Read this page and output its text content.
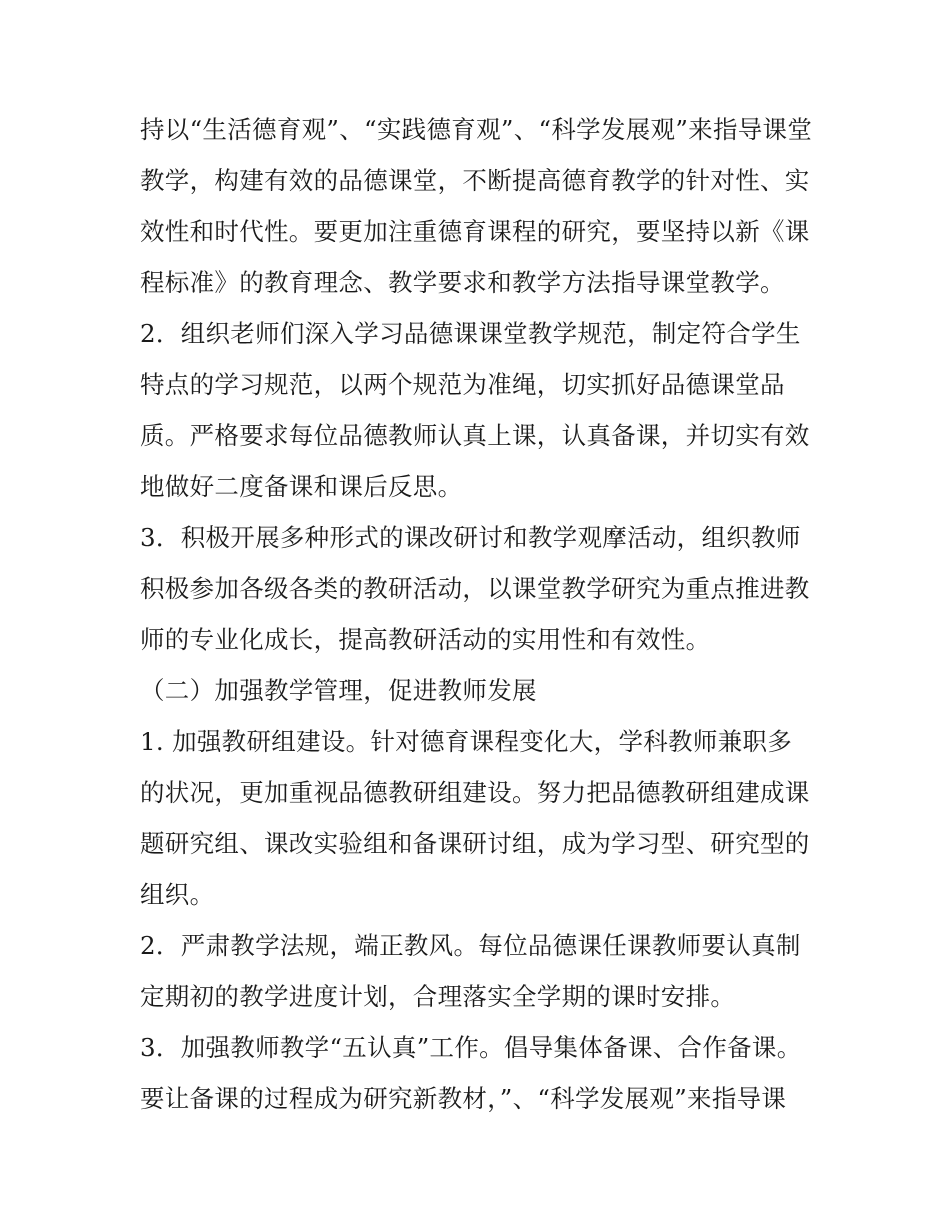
持以“生活德育观”、“实践德育观”、“科学发展观”来指导课堂
教学，构建有效的品德课堂，不断提高德育教学的针对性、实
效性和时代性。要更加注重德育课程的研究，要坚持以新《课
程标准》的教育理念、教学要求和教学方法指导课堂教学。
2．组织老师们深入学习品德课课堂教学规范，制定符合学生
特点的学习规范，以两个规范为准绳，切实抓好品德课堂品
质。严格要求每位品德教师认真上课，认真备课，并切实有效
地做好二度备课和课后反思。
3．积极开展多种形式的课改研讨和教学观摩活动，组织教师
积极参加各级各类的教研活动，以课堂教学研究为重点推进教
师的专业化成长，提高教研活动的实用性和有效性。
（二）加强教学管理，促进教师发展
1. 加强教研组建设。针对德育课程变化大，学科教师兼职多
的状况，更加重视品德教研组建设。努力把品德教研组建成课
题研究组、课改实验组和备课研讨组，成为学习型、研究型的
组织。
2．严肃教学法规，端正教风。每位品德课任课教师要认真制
定期初的教学进度计划，合理落实全学期的课时安排。
3．加强教师教学“五认真”工作。倡导集体备课、合作备课。
要让备课的过程成为研究新教材，”、“科学发展观”来指导课
